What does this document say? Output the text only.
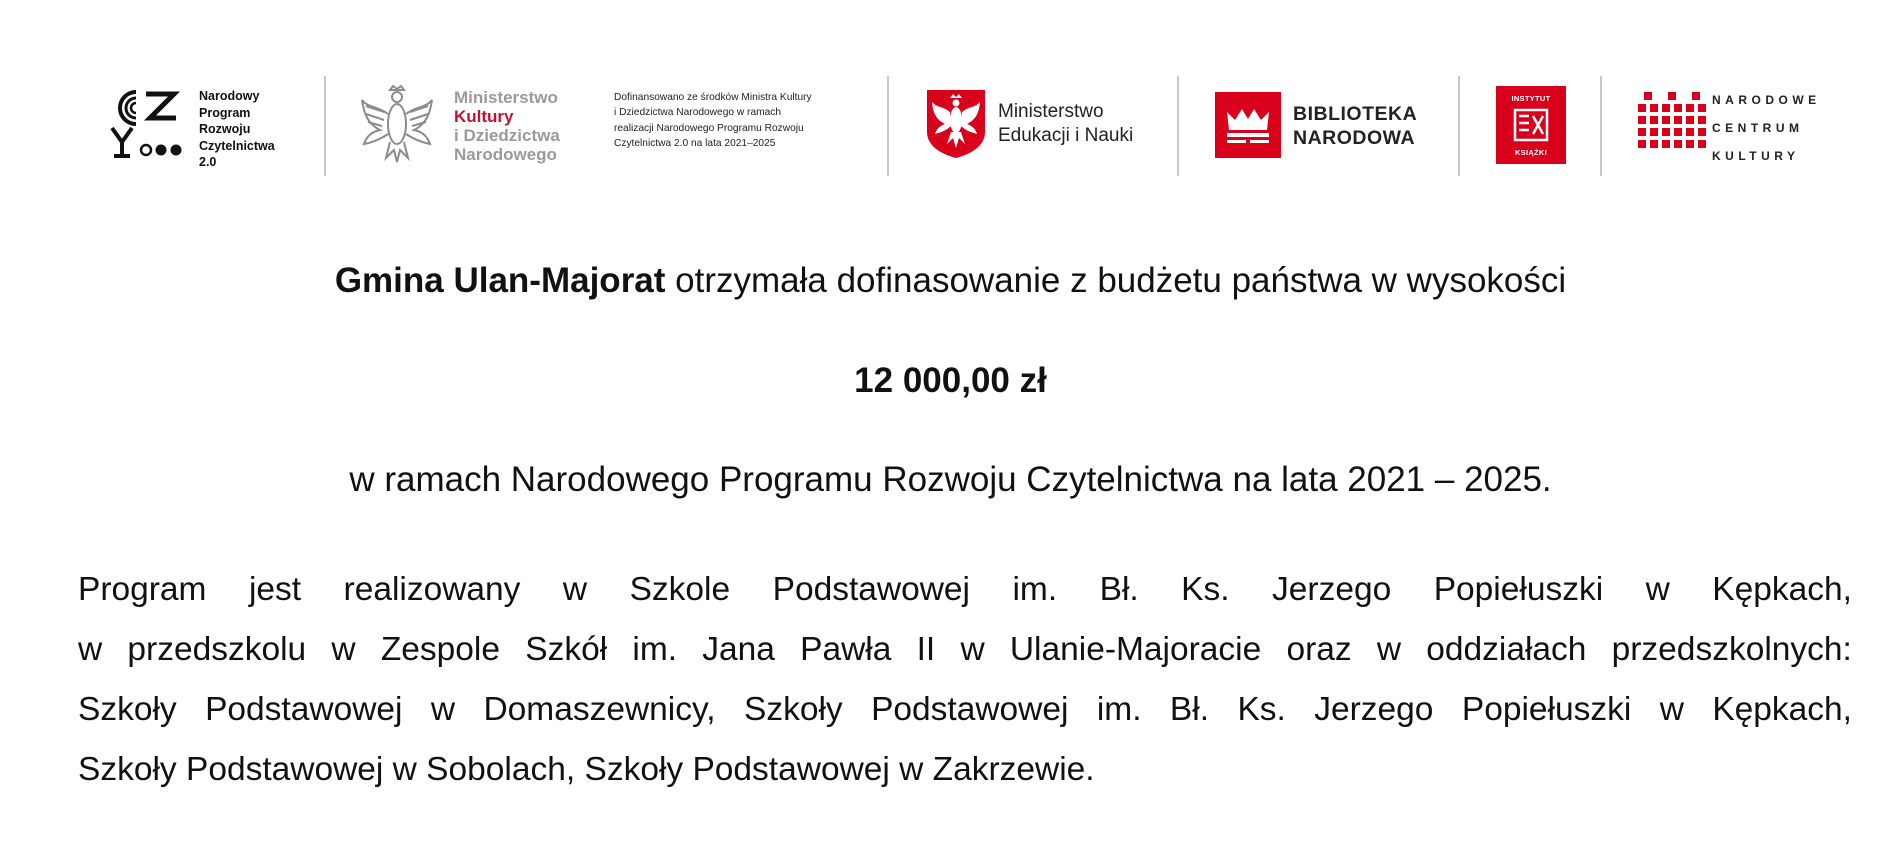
Narodowy
Program
Rozwoju
Czytelnictwa
2.0
Ministerstwo
Kultury
i Dziedzictwa
Narodowego
Dofinansowano ze środków Ministra Kultury
i Dziedzictwa Narodowego w ramach
realizacji Narodowego Programu Rozwoju
Czytelnictwa 2.0 na lata 2021–2025
Ministerstwo
Edukacji i Nauki
BIBLIOTEKA
NARODOWA
INSTYTUT
KSIĄŻKI
NARODOWE
CENTRUM
KULTURY
Gmina Ulan-Majorat otrzymała dofinasowanie z budżetu państwa w wysokości
12 000,00 zł
w ramach Narodowego Programu Rozwoju Czytelnictwa na lata 2021 – 2025.
Program jest realizowany w Szkole Podstawowej im. Bł. Ks. Jerzego Popiełuszki w Kępkach,
w przedszkolu w Zespole Szkół im. Jana Pawła II w Ulanie-Majoracie oraz w oddziałach przedszkolnych:
Szkoły Podstawowej w Domaszewnicy, Szkoły Podstawowej im. Bł. Ks. Jerzego Popiełuszki w Kępkach,
Szkoły Podstawowej w Sobolach, Szkoły Podstawowej w Zakrzewie.
